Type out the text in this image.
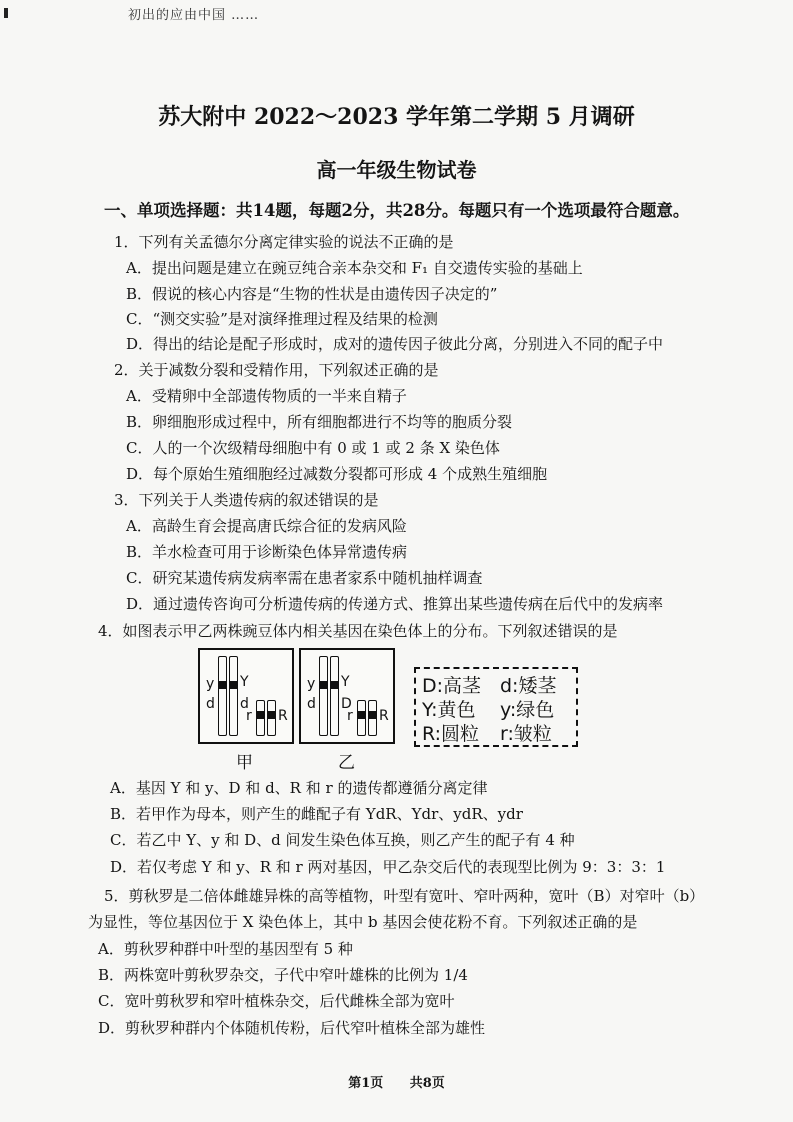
初出的应由中国 ……
苏大附中 2022～2023 学年第二学期 5 月调研
高一年级生物试卷
一、单项选择题：共14题，每题2分，共28分。每题只有一个选项最符合题意。
1．下列有关孟德尔分离定律实验的说法不正确的是
A．提出问题是建立在豌豆纯合亲本杂交和 F₁ 自交遗传实验的基础上
B．假说的核心内容是“生物的性状是由遗传因子决定的”
C．“测交实验”是对演绎推理过程及结果的检测
D．得出的结论是配子形成时，成对的遗传因子彼此分离，分别进入不同的配子中
2．关于减数分裂和受精作用，下列叙述正确的是
A．受精卵中全部遗传物质的一半来自精子
B．卵细胞形成过程中，所有细胞都进行不均等的胞质分裂
C．人的一个次级精母细胞中有 0 或 1 或 2 条 X 染色体
D．每个原始生殖细胞经过减数分裂都可形成 4 个成熟生殖细胞
3．下列关于人类遗传病的叙述错误的是
A．高龄生育会提高唐氏综合征的发病风险
B．羊水检查可用于诊断染色体异常遗传病
C．研究某遗传病发病率需在患者家系中随机抽样调查
D．通过遗传咨询可分析遗传病的传递方式、推算出某些遗传病在后代中的发病率
4．如图表示甲乙两株豌豆体内相关基因在染色体上的分布。下列叙述错误的是
y Y
d d
r R
甲
y Y
d D
r R
乙
D:高茎 d:矮茎
Y:黄色 y:绿色
R:圆粒 r:皱粒
A．基因 Y 和 y、D 和 d、R 和 r 的遗传都遵循分离定律
B．若甲作为母本，则产生的雌配子有 YdR、Ydr、ydR、ydr
C．若乙中 Y、y 和 D、d 间发生染色体互换，则乙产生的配子有 4 种
D．若仅考虑 Y 和 y、R 和 r 两对基因，甲乙杂交后代的表现型比例为 9：3：3：1
5．剪秋罗是二倍体雌雄异株的高等植物，叶型有宽叶、窄叶两种，宽叶（B）对窄叶（b）
为显性，等位基因位于 X 染色体上，其中 b 基因会使花粉不育。下列叙述正确的是
A．剪秋罗种群中叶型的基因型有 5 种
B．两株宽叶剪秋罗杂交，子代中窄叶雄株的比例为 1/4
C．宽叶剪秋罗和窄叶植株杂交，后代雌株全部为宽叶
D．剪秋罗种群内个体随机传粉，后代窄叶植株全部为雄性
第1页 共8页
